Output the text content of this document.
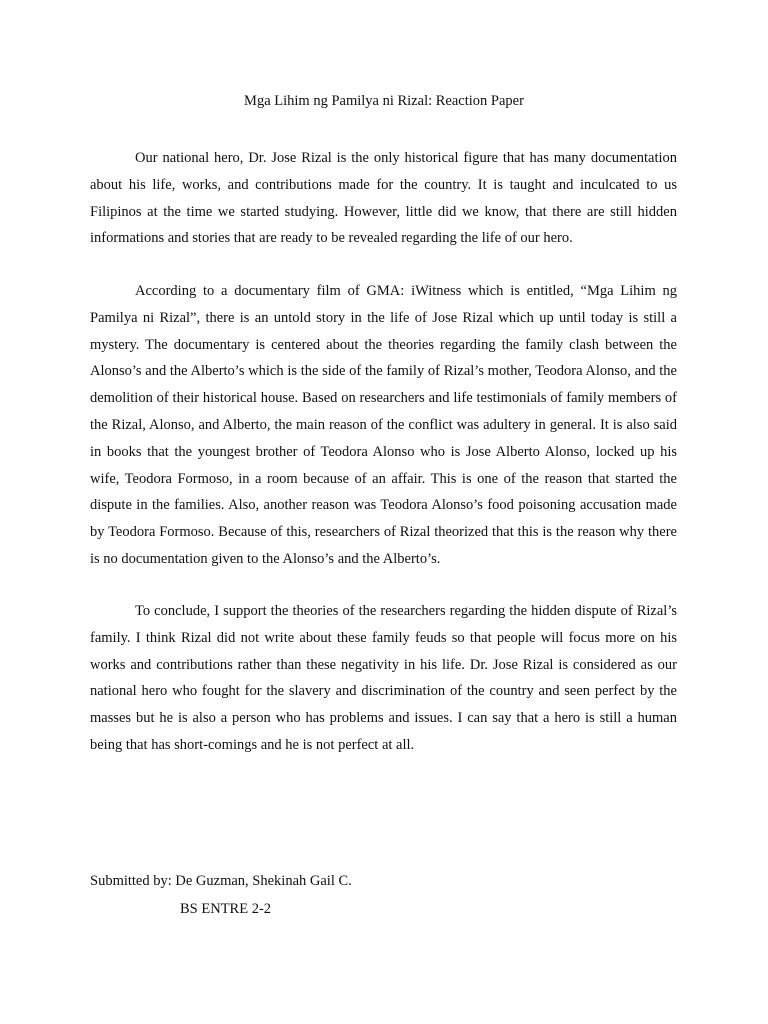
Mga Lihim ng Pamilya ni Rizal: Reaction Paper

Our national hero, Dr. Jose Rizal is the only historical figure that has many documentation about his life, works, and contributions made for the country. It is taught and inculcated to us Filipinos at the time we started studying. However, little did we know, that there are still hidden informations and stories that are ready to be revealed regarding the life of our hero.

According to a documentary film of GMA: iWitness which is entitled, “Mga Lihim ng Pamilya ni Rizal”, there is an untold story in the life of Jose Rizal which up until today is still a mystery. The documentary is centered about the theories regarding the family clash between the Alonso’s and the Alberto’s which is the side of the family of Rizal’s mother, Teodora Alonso, and the demolition of their historical house. Based on researchers and life testimonials of family members of the Rizal, Alonso, and Alberto, the main reason of the conflict was adultery in general. It is also said in books that the youngest brother of Teodora Alonso who is Jose Alberto Alonso, locked up his wife, Teodora Formoso, in a room because of an affair. This is one of the reason that started the dispute in the families. Also, another reason was Teodora Alonso’s food poisoning accusation made by Teodora Formoso. Because of this, researchers of Rizal theorized that this is the reason why there is no documentation given to the Alonso’s and the Alberto’s.

To conclude, I support the theories of the researchers regarding the hidden dispute of Rizal’s family. I think Rizal did not write about these family feuds so that people will focus more on his works and contributions rather than these negativity in his life. Dr. Jose Rizal is considered as our national hero who fought for the slavery and discrimination of the country and seen perfect by the masses but he is also a person who has problems and issues. I can say that a hero is still a human being that has short-comings and he is not perfect at all.

Submitted by: De Guzman, Shekinah Gail C.

BS ENTRE 2-2
